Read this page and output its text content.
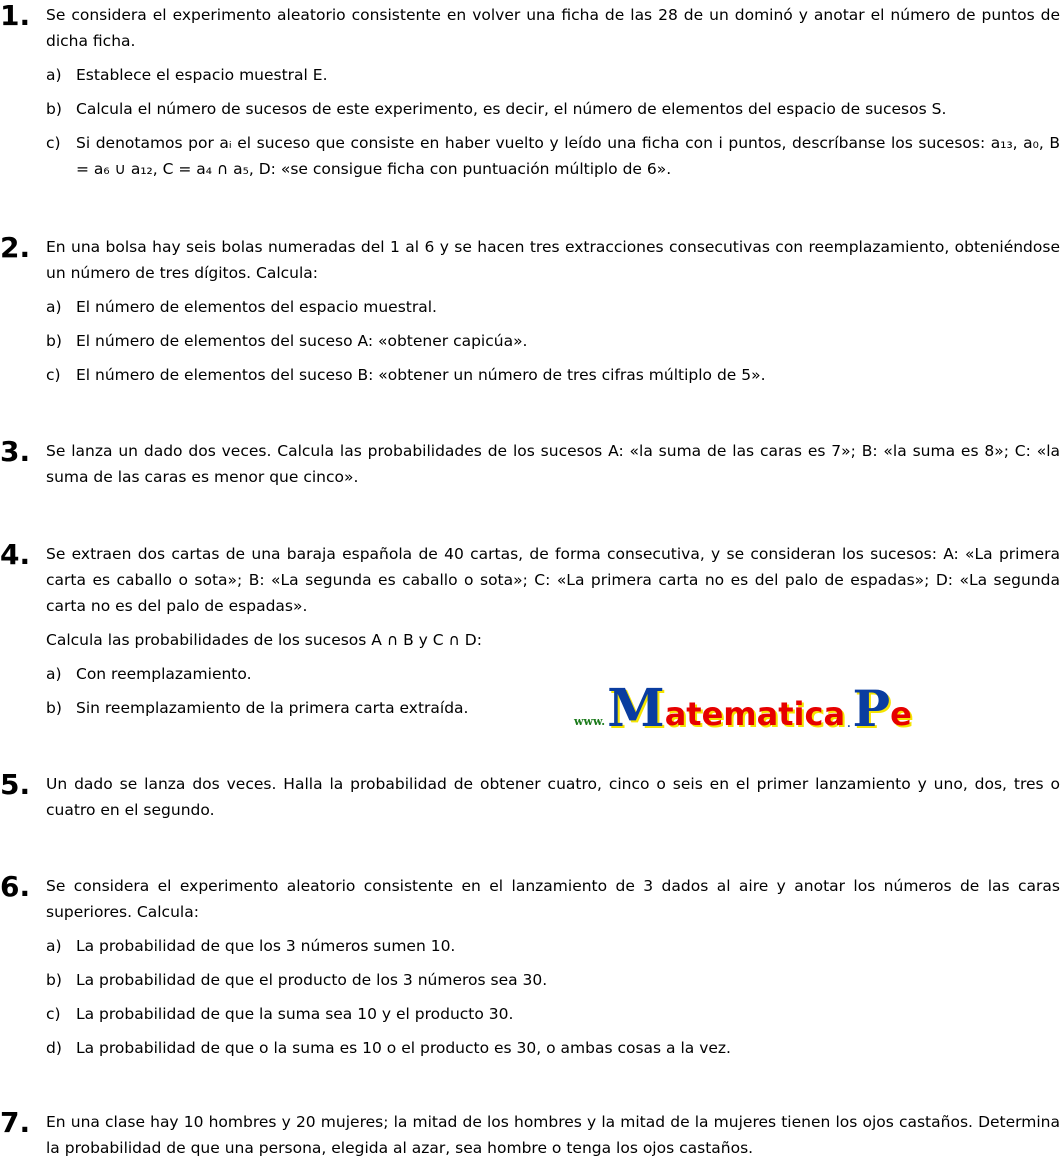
1. Se considera el experimento aleatorio consistente en volver una ficha de las 28 de un dominó y anotar el número de puntos de dicha ficha.
a) Establece el espacio muestral E.
b) Calcula el número de sucesos de este experimento, es decir, el número de elementos del espacio de sucesos S.
c) Si denotamos por aᵢ el suceso que consiste en haber vuelto y leído una ficha con i puntos, descríbanse los sucesos: a₁₃, a₀, B = a₆ ∪ a₁₂, C = a₄ ∩ a₅, D: «se consigue ficha con puntuación múltiplo de 6».
2. En una bolsa hay seis bolas numeradas del 1 al 6 y se hacen tres extracciones consecutivas con reemplazamiento, obteniéndose un número de tres dígitos. Calcula:
a) El número de elementos del espacio muestral.
b) El número de elementos del suceso A: «obtener capicúa».
c) El número de elementos del suceso B: «obtener un número de tres cifras múltiplo de 5».
3. Se lanza un dado dos veces. Calcula las probabilidades de los sucesos A: «la suma de las caras es 7»; B: «la suma es 8»; C: «la suma de las caras es menor que cinco».
4. Se extraen dos cartas de una baraja española de 40 cartas, de forma consecutiva, y se consideran los sucesos: A: «La primera carta es caballo o sota»; B: «La segunda es caballo o sota»; C: «La primera carta no es del palo de espadas»; D: «La segunda carta no es del palo de espadas».
Calcula las probabilidades de los sucesos A ∩ B y C ∩ D:
a) Con reemplazamiento.
b) Sin reemplazamiento de la primera carta extraída.
www. M atematica . P e
5. Un dado se lanza dos veces. Halla la probabilidad de obtener cuatro, cinco o seis en el primer lanzamiento y uno, dos, tres o cuatro en el segundo.
6. Se considera el experimento aleatorio consistente en el lanzamiento de 3 dados al aire y anotar los números de las caras superiores. Calcula:
a) La probabilidad de que los 3 números sumen 10.
b) La probabilidad de que el producto de los 3 números sea 30.
c) La probabilidad de que la suma sea 10 y el producto 30.
d) La probabilidad de que o la suma es 10 o el producto es 30, o ambas cosas a la vez.
7. En una clase hay 10 hombres y 20 mujeres; la mitad de los hombres y la mitad de la mujeres tienen los ojos castaños. Determina la probabilidad de que una persona, elegida al azar, sea hombre o tenga los ojos castaños.
